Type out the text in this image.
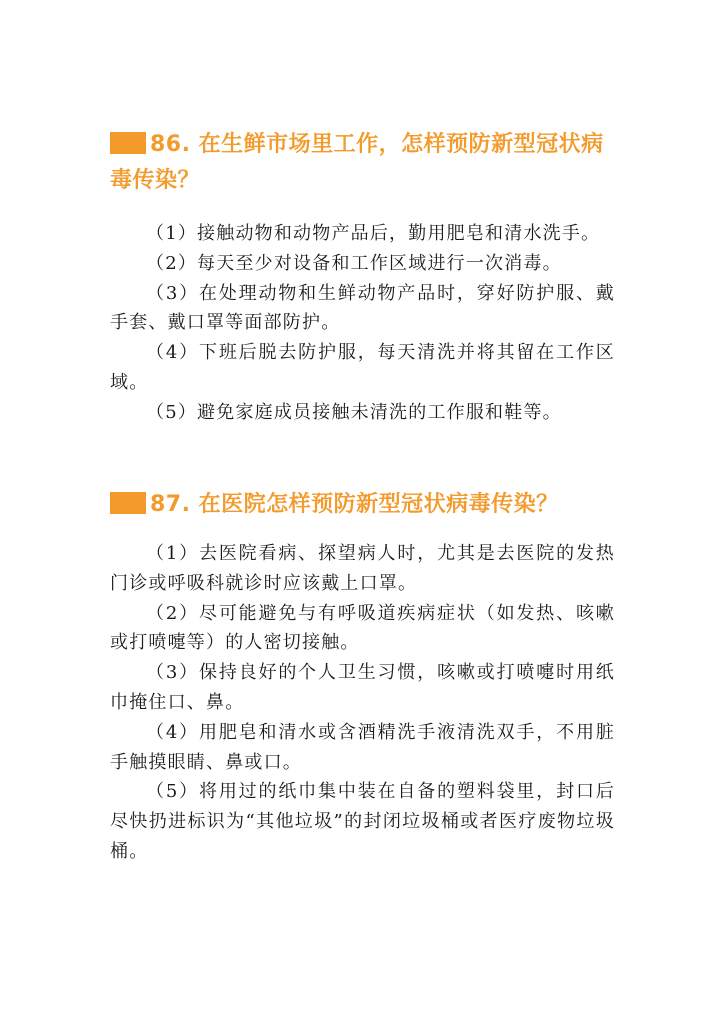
86. 在生鲜市场里工作，怎样预防新型冠状病毒传染？

（1）接触动物和动物产品后，勤用肥皂和清水洗手。

（2）每天至少对设备和工作区域进行一次消毒。

（3）在处理动物和生鲜动物产品时，穿好防护服、戴手套、戴口罩等面部防护。

（4）下班后脱去防护服，每天清洗并将其留在工作区域。

（5）避免家庭成员接触未清洗的工作服和鞋等。

87. 在医院怎样预防新型冠状病毒传染？

（1）去医院看病、探望病人时，尤其是去医院的发热门诊或呼吸科就诊时应该戴上口罩。

（2）尽可能避免与有呼吸道疾病症状（如发热、咳嗽或打喷嚏等）的人密切接触。

（3）保持良好的个人卫生习惯，咳嗽或打喷嚏时用纸巾掩住口、鼻。

（4）用肥皂和清水或含酒精洗手液清洗双手，不用脏手触摸眼睛、鼻或口。

（5）将用过的纸巾集中装在自备的塑料袋里，封口后尽快扔进标识为“其他垃圾”的封闭垃圾桶或者医疗废物垃圾桶。
